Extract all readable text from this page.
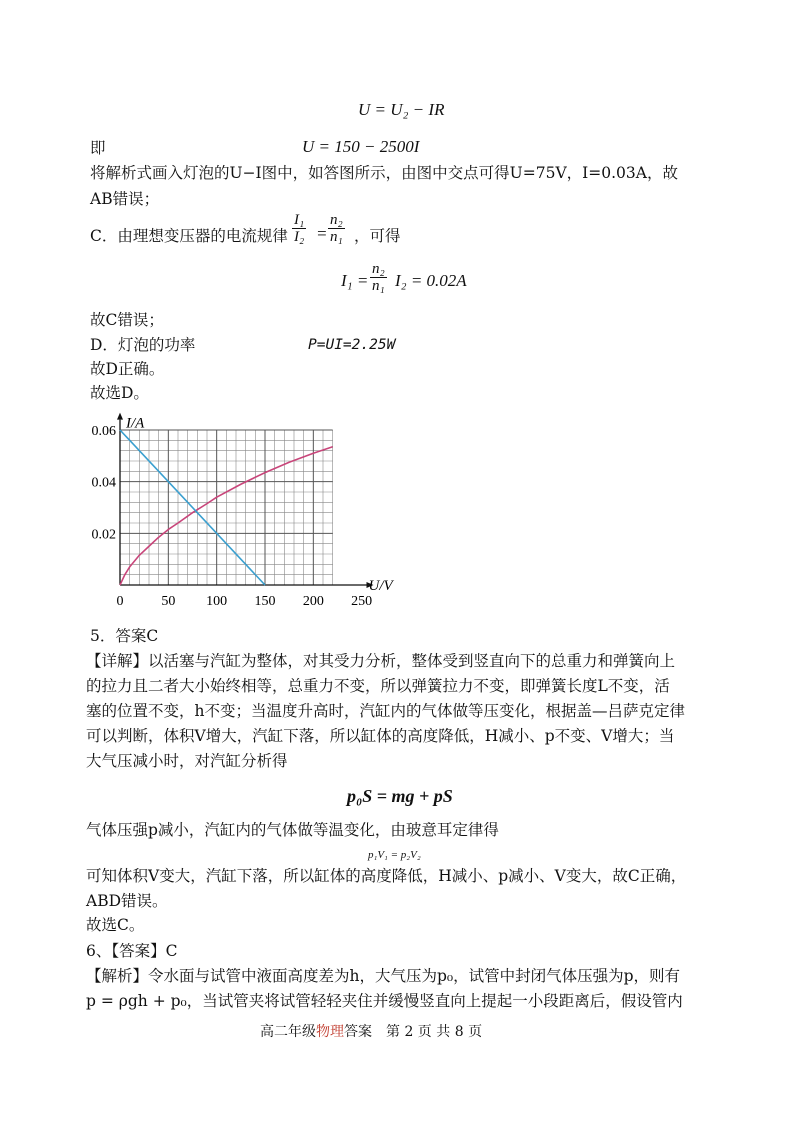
U = U₂ − IR
即	U = 150 − 2500I
将解析式画入灯泡的U−I图中，如答图所示，由图中交点可得U=75V，I=0.03A，故
AB错误；
C．由理想变压器的电流规律 $\frac{\text{I₁}}{\text{I₂}} = \frac{\text{n₂}}{\text{n₁}}$ ，可得
$I_1 = \frac{\text{n₂}}{\text{n₁}} I_2 = 0.02A$
故C错误；
D．灯泡的功率	P=UI=2.25W
故D正确。
故选D。
I/A
U/V
0	50 100 150 200 250
0.02
0.04
0.06
5．答案C
【详解】以活塞与汽缸为整体，对其受力分析，整体受到竖直向下的总重力和弹簧向上
的拉力且二者大小始终相等，总重力不变，所以弹簧拉力不变，即弹簧长度L不变，活
塞的位置不变，h不变；当温度升高时，汽缸内的气体做等压变化，根据盖—吕萨克定律
可以判断，体积V增大，汽缸下落，所以缸体的高度降低，H减小、p不变、V增大；当
大气压减小时，对汽缸分析得
p₀S = mg + pS
气体压强p减小，汽缸内的气体做等温变化，由玻意耳定律得
p₁V₁ = p₂V₂
可知体积V变大，汽缸下落，所以缸体的高度降低，H减小、p减小、V变大，故C正确，
ABD错误。
故选C。
6、【答案】C
【解析】令水面与试管中液面高度差为h，大气压为p₀，试管中封闭气体压强为p，则有
p = ρgh + p₀，当试管夹将试管轻轻夹住并缓慢竖直向上提起一小段距离后，假设管内
高二年级物理答案　第 2 页 共 8 页
